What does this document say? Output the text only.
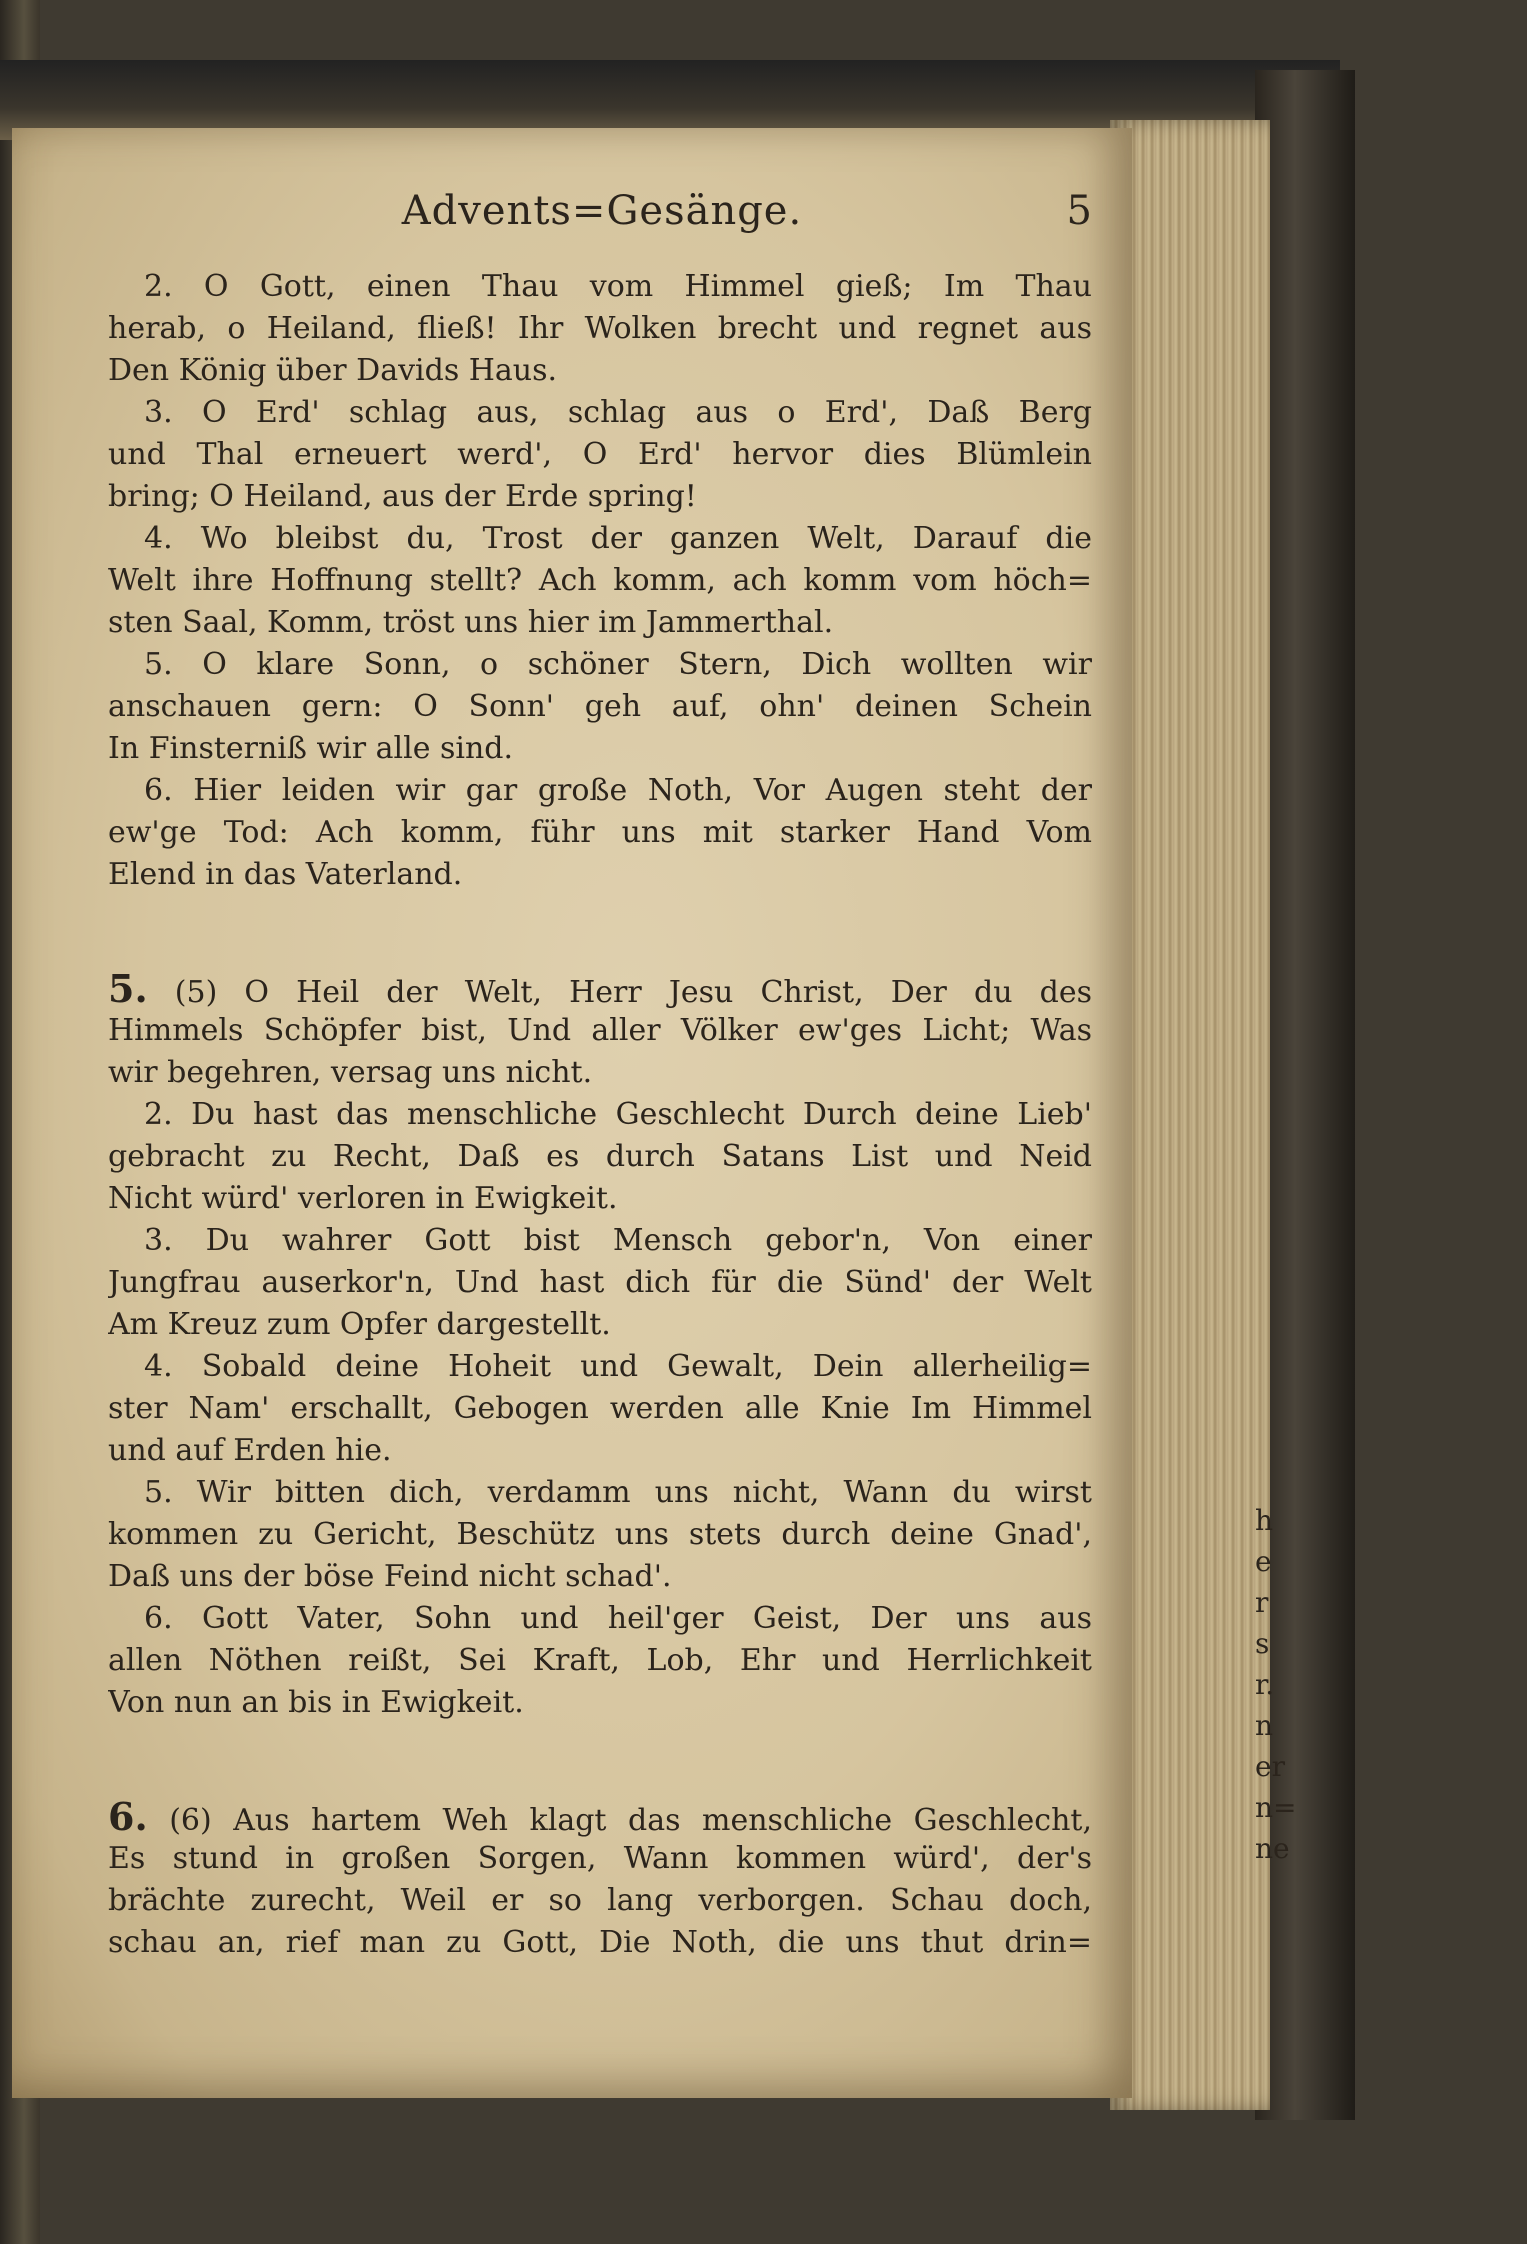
h
e
r
s
r.
n
er
n=
ne
Advents=Gesänge.	5
2. O Gott, einen Thau vom Himmel gieß; Im Thau
herab, o Heiland, fließ! Ihr Wolken brecht und regnet aus
Den König über Davids Haus.
3. O Erd' schlag aus, schlag aus o Erd', Daß Berg
und Thal erneuert werd', O Erd' hervor dies Blümlein
bring; O Heiland, aus der Erde spring!
4. Wo bleibst du, Trost der ganzen Welt, Darauf die
Welt ihre Hoffnung stellt? Ach komm, ach komm vom höch=
sten Saal, Komm, tröst uns hier im Jammerthal.
5. O klare Sonn, o schöner Stern, Dich wollten wir
anschauen gern: O Sonn' geh auf, ohn' deinen Schein
In Finsterniß wir alle sind.
6. Hier leiden wir gar große Noth, Vor Augen steht der
ew'ge Tod: Ach komm, führ uns mit starker Hand Vom
Elend in das Vaterland.
5. (5) O Heil der Welt, Herr Jesu Christ, Der du des
Himmels Schöpfer bist, Und aller Völker ew'ges Licht; Was
wir begehren, versag uns nicht.
2. Du hast das menschliche Geschlecht Durch deine Lieb'
gebracht zu Recht, Daß es durch Satans List und Neid
Nicht würd' verloren in Ewigkeit.
3. Du wahrer Gott bist Mensch gebor'n, Von einer
Jungfrau auserkor'n, Und hast dich für die Sünd' der Welt
Am Kreuz zum Opfer dargestellt.
4. Sobald deine Hoheit und Gewalt, Dein allerheilig=
ster Nam' erschallt, Gebogen werden alle Knie Im Himmel
und auf Erden hie.
5. Wir bitten dich, verdamm uns nicht, Wann du wirst
kommen zu Gericht, Beschütz uns stets durch deine Gnad',
Daß uns der böse Feind nicht schad'.
6. Gott Vater, Sohn und heil'ger Geist, Der uns aus
allen Nöthen reißt, Sei Kraft, Lob, Ehr und Herrlichkeit
Von nun an bis in Ewigkeit.
6. (6) Aus hartem Weh klagt das menschliche Geschlecht,
Es stund in großen Sorgen, Wann kommen würd', der's
brächte zurecht, Weil er so lang verborgen. Schau doch,
schau an, rief man zu Gott, Die Noth, die uns thut drin=
